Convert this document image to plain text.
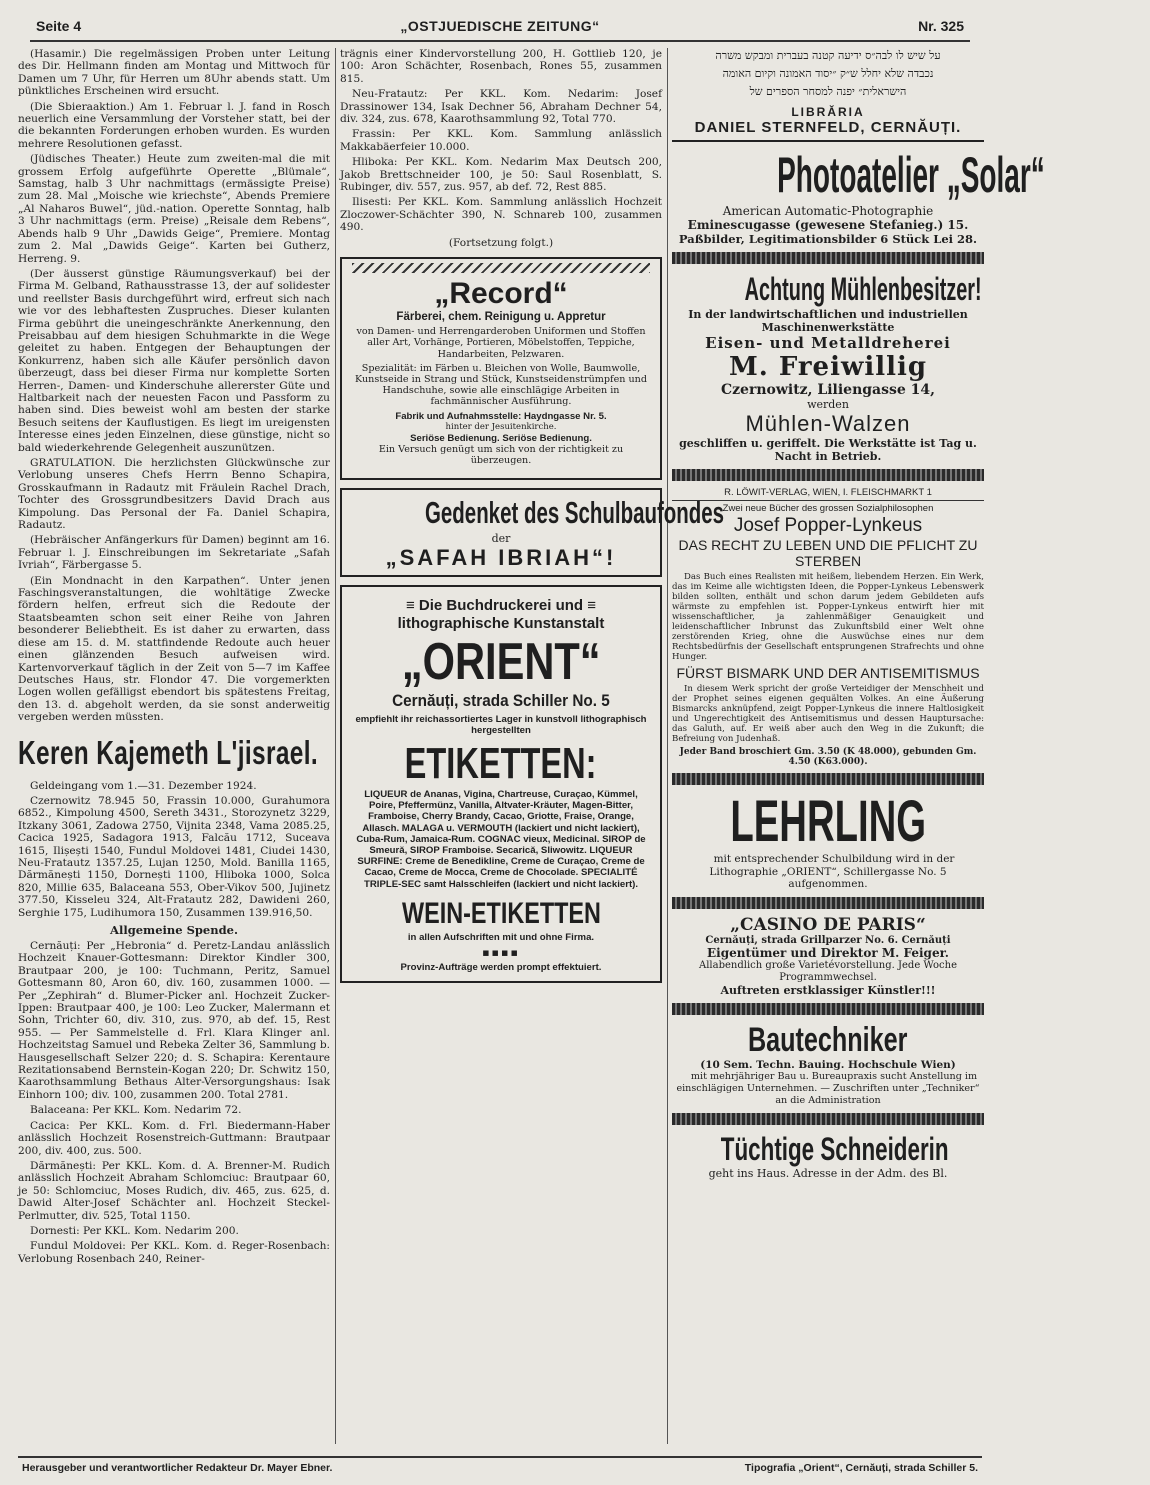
Seite 4	„OSTJUEDISCHE ZEITUNG“	Nr. 325

(Hasamir.) Die regelmässigen Proben unter Leitung des Dir. Hellmann finden am Montag und Mittwoch für Damen um 7 Uhr, für Herren um 8Uhr abends statt. Um pünktliches Erscheinen wird ersucht.

(Die Sbieraaktion.) Am 1. Februar l. J. fand in Rosch neuerlich eine Versammlung der Vorsteher statt, bei der die bekannten Forderungen erhoben wurden. Es wurden mehrere Resolutionen gefasst.

(Jüdisches Theater.) Heute zum zweiten-mal die mit grossem Erfolg aufgeführte Operette „Blümale“, Samstag, halb 3 Uhr nachmittags (ermässigte Preise) zum 28. Mal „Moische wie kriechste“, Abends Premiere „Al Naharos Buwel“, jüd.-nation. Operette Sonntag, halb 3 Uhr nachmittags (erm. Preise) „Reisale dem Rebens“, Abends halb 9 Uhr „Dawids Geige“, Premiere. Montag zum 2. Mal „Dawids Geige“. Karten bei Gutherz, Herreng. 9.

(Der äusserst günstige Räumungsverkauf) bei der Firma M. Gelband, Rathausstrasse 13, der auf solidester und reellster Basis durchgeführt wird, erfreut sich nach wie vor des lebhaftesten Zuspruches. Dieser kulanten Firma gebührt die uneingeschränkte Anerkennung, den Preisabbau auf dem hiesigen Schuhmarkte in die Wege geleitet zu haben. Entgegen der Behauptungen der Konkurrenz, haben sich alle Käufer persönlich davon überzeugt, dass bei dieser Firma nur komplette Sorten Herren-, Damen- und Kinderschuhe allererster Güte und Haltbarkeit nach der neuesten Facon und Passform zu haben sind. Dies beweist wohl am besten der starke Besuch seitens der Kauflustigen. Es liegt im ureigensten Interesse eines jeden Einzelnen, diese günstige, nicht so bald wiederkehrende Gelegenheit auszunützen.

GRATULATION. Die herzlichsten Glückwünsche zur Verlobung unseres Chefs Herrn Benno Schapira, Grosskaufmann in Radautz mit Fräulein Rachel Drach, Tochter des Grossgrundbesitzers David Drach aus Kimpolung. Das Personal der Fa. Daniel Schapira, Radautz.

(Hebräischer Anfängerkurs für Damen) beginnt am 16. Februar l. J. Einschreibungen im Sekretariate „Safah Ivriah“, Färbergasse 5.

(Ein Mondnacht in den Karpathen“. Unter jenen Faschingsveranstaltungen, die wohltätige Zwecke fördern helfen, erfreut sich die Redoute der Staatsbeamten schon seit einer Reihe von Jahren besonderer Beliebtheit. Es ist daher zu erwarten, dass diese am 15. d. M. stattfindende Redoute auch heuer einen glänzenden Besuch aufweisen wird. Kartenvorverkauf täglich in der Zeit von 5—7 im Kaffee Deutsches Haus, str. Flondor 47. Die vorgemerkten Logen wollen gefälligst ebendort bis spätestens Freitag, den 13. d. abgeholt werden, da sie sonst anderweitig vergeben werden müssten.

Keren Kajemeth L'jisrael.

Geldeingang vom 1.—31. Dezember 1924.

Czernowitz 78.945 50, Frassin 10.000, Gurahumora 6852., Kimpolung 4500, Sereth 3431., Storozynetz 3229, Itzkany 3061, Zadowa 2750, Vijnita 2348, Vama 2085.25, Cacica 1925, Sadagora 1913, Falcău 1712, Suceava 1615, Ilișești 1540, Fundul Moldovei 1481, Ciudei 1430, Neu-Fratautz 1357.25, Lujan 1250, Mold. Banilla 1165, Dărmănești 1150, Dornești 1100, Hliboka 1000, Solca 820, Millie 635, Balaceana 553, Ober-Vikov 500, Jujinetz 377.50, Kisseleu 324, Alt-Fratautz 282, Dawideni 260, Serghie 175, Ludihumora 150, Zusammen 139.916,50.

Allgemeine Spende.

Cernăuți: Per „Hebronia“ d. Peretz-Landau anlässlich Hochzeit Knauer-Gottesmann: Direktor Kindler 300, Brautpaar 200, je 100: Tuchmann, Peritz, Samuel Gottesmann 80, Aron 60, div. 160, zusammen 1000. — Per „Zephirah“ d. Blumer-Picker anl. Hochzeit Zucker-Ippen: Brautpaar 400, je 100: Leo Zucker, Malermann et Sohn, Trichter 60, div. 310, zus. 970, ab def. 15, Rest 955. — Per Sammelstelle d. Frl. Klara Klinger anl. Hochzeitstag Samuel und Rebeka Zelter 36, Sammlung b. Hausgesellschaft Selzer 220; d. S. Schapira: Kerentaure Rezitationsabend Bernstein-Kogan 220; Dr. Schwitz 150, Kaarothsammlung Bethaus Alter-Versorgungshaus: Isak Einhorn 100; div. 100, zusammen 200. Total 2781.

Balaceana: Per KKL. Kom. Nedarim 72.

Cacica: Per KKL. Kom. d. Frl. Biedermann-Haber anlässlich Hochzeit Rosenstreich-Guttmann: Brautpaar 200, div. 400, zus. 500.

Dărmănești: Per KKL. Kom. d. A. Brenner-M. Rudich anlässlich Hochzeit Abraham Schlomciuc: Brautpaar 60, je 50: Schlomciuc, Moses Rudich, div. 465, zus. 625, d. Dawid Alter-Josef Schächter anl. Hochzeit Steckel-Perlmutter, div. 525, Total 1150.

Dornesti: Per KKL. Kom. Nedarim 200.

Fundul Moldovei: Per KKL. Kom. d. Reger-Rosenbach: Verlobung Rosenbach 240, Reiner-

trägnis einer Kindervorstellung 200, H. Gottlieb 120, je 100: Aron Schächter, Rosenbach, Rones 55, zusammen 815.

Neu-Fratautz: Per KKL. Kom. Nedarim: Josef Drassinower 134, Isak Dechner 56, Abraham Dechner 54, div. 324, zus. 678, Kaarothsammlung 92, Total 770.

Frassin: Per KKL. Kom. Sammlung anlässlich Makkabäerfeier 10.000.

Hliboka: Per KKL. Kom. Nedarim Max Deutsch 200, Jakob Brettschneider 100, je 50: Saul Rosenblatt, S. Rubinger, div. 557, zus. 957, ab def. 72, Rest 885.

Ilisesti: Per KKL. Kom. Sammlung anlässlich Hochzeit Zloczower-Schächter 390, N. Schnareb 100, zusammen 490.

(Fortsetzung folgt.)

„Record“
Färberei, chem. Reinigung u. Appretur

von Damen- und Herrengarderoben Uniformen und Stoffen aller Art, Vorhänge, Portieren, Möbelstoffen, Teppiche, Handarbeiten, Pelzwaren.

Spezialität: im Färben u. Bleichen von Wolle, Baumwolle, Kunstseide in Strang und Stück, Kunstseidenstrümpfen und Handschuhe, sowie alle einschlägige Arbeiten in fachmännischer Ausführung.

Fabrik und Aufnahmsstelle: Haydngasse Nr. 5.
hinter der Jesuitenkirche.
Seriöse Bedienung. Seriöse Bedienung.

Ein Versuch genügt um sich von der richtigkeit zu überzeugen.

Gedenket des Schulbaufondes
der
„SAFAH IBRIAH“!
≡ Die Buchdruckerei und ≡ lithographische Kunstanstalt
„ORIENT“
Cernăuți, strada Schiller No. 5
empfiehlt ihr reichassortiertes Lager in kunstvoll lithographisch hergestellten
ETIKETTEN:

LIQUEUR de Ananas, Vigina, Chartreuse, Curaçao, Kümmel, Poire, Pfeffermünz, Vanilla, Altvater-Kräuter, Magen-Bitter, Framboise, Cherry Brandy, Cacao, Griotte, Fraise, Orange, Allasch. MALAGA u. VERMOUTH (lackiert und nicht lackiert), Cuba-Rum, Jamaica-Rum. COGNAC vieux, Medicinal. SIROP de Smeură, SIROP Framboise. Secarică, Sliwowitz. LIQUEUR SURFINE: Creme de Benedikline, Creme de Curaçao, Creme de Cacao, Creme de Mocca, Creme de Chocolade. SPECIALITÉ TRIPLE-SEC samt Halsschleifen (lackiert und nicht lackiert).

WEIN-ETIKETTEN
in allen Aufschriften mit und ohne Firma.
▪▪▪▪
Provinz-Aufträge werden prompt effektuiert.

על שיש לו לבה״ס ידיעה קטנה בעברית ומבקש משרה

נכבדה שלא יחלל ש״ק ״יסוד האמונה וקיום האומה

הישראלית״ יפנה למסחר הספרים של

LIBRĂRIA
DANIEL STERNFELD, CERNĂUȚI.
Photoatelier „Solar“
American Automatic-Photographie
Eminescugasse (gewesene Stefanieg.) 15.
Paßbilder, Legitimationsbilder 6 Stück Lei 28.
Achtung Mühlenbesitzer!
In der landwirtschaftlichen und industriellen Maschinenwerkstätte
Eisen- und Metalldreherei
M. Freiwillig
Czernowitz, Liliengasse 14,
werden
Mühlen-Walzen
geschliffen u. geriffelt. Die Werkstätte ist Tag u. Nacht in Betrieb.
R. LÖWIT-VERLAG, WIEN, I. FLEISCHMARKT 1
Zwei neue Bücher des grossen Sozialphilosophen
Josef Popper-Lynkeus
DAS RECHT ZU LEBEN UND DIE PFLICHT ZU STERBEN

Das Buch eines Realisten mit heißem, liebendem Herzen. Ein Werk, das im Keime alle wichtigsten Ideen, die Popper-Lynkeus Lebenswerk bilden sollten, enthält und schon darum jedem Gebildeten aufs wärmste zu empfehlen ist. Popper-Lynkeus entwirft hier mit wissenschaftlicher, ja zahlenmäßiger Genauigkeit und leidenschaftlicher Inbrunst das Zukunftsbild einer Welt ohne zerstörenden Krieg, ohne die Auswüchse eines nur dem Rechtsbedürfnis der Gesellschaft entsprungenen Strafrechts und ohne Hunger.

FÜRST BISMARK UND DER ANTISEMITISMUS

In diesem Werk spricht der große Verteidiger der Menschheit und der Prophet seines eigenen gequälten Volkes. An eine Äußerung Bismarcks anknüpfend, zeigt Popper-Lynkeus die innere Haltlosigkeit und Ungerechtigkeit des Antisemitismus und dessen Hauptursache: das Galuth, auf. Er weiß aber auch den Weg in die Zukunft; die Befreiung von Judenhaß.

Jeder Band broschiert Gm. 3.50 (K 48.000), gebunden Gm. 4.50 (K63.000).
LEHRLING

mit entsprechender Schulbildung wird in der Lithographie „ORIENT“, Schillergasse No. 5 aufgenommen.

„CASINO DE PARIS“
Cernăuți, strada Grillparzer No. 6. Cernăuți
Eigentümer und Direktor M. Feiger.
Allabendlich große Varietévorstellung. Jede Woche Programmwechsel.
Auftreten erstklassiger Künstler!!!
Bautechniker
(10 Sem. Techn. Bauing. Hochschule Wien)

mit mehrjähriger Bau u. Bureaupraxis sucht Anstellung im einschlägigen Unternehmen. — Zuschriften unter „Techniker“ an die Administration

Tüchtige Schneiderin
geht ins Haus. Adresse in der Adm. des Bl.
Herausgeber und verantwortlicher Redakteur Dr. Mayer Ebner.	Tipografia „Orient“, Cernăuți, strada Schiller 5.
